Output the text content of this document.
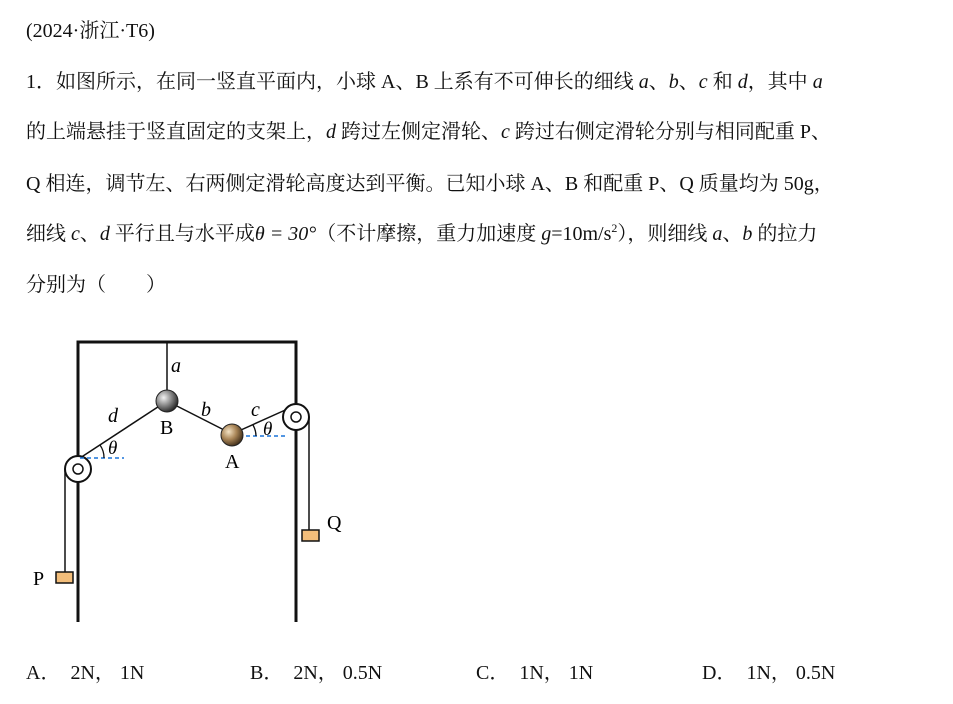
(2024·浙江·T6)
1．如图所示，在同一竖直平面内，小球 A、B 上系有不可伸长的细线 a、b、c 和 d，其中 a
的上端悬挂于竖直固定的支架上，d 跨过左侧定滑轮、c 跨过右侧定滑轮分别与相同配重 P、
Q 相连，调节左、右两侧定滑轮高度达到平衡。已知小球 A、B 和配重 P、Q 质量均为 50g，
细线 c、d 平行且与水平成θ = 30°（不计摩擦，重力加速度 $g=10m/s^2$），则细线 a、b 的拉力
分别为（　　）
a
d	b c
θ
θ
B
A
P
Q
A． 2N， 1N	B． 2N， 0.5N	C． 1N， 1N	D． 1N， 0.5N
